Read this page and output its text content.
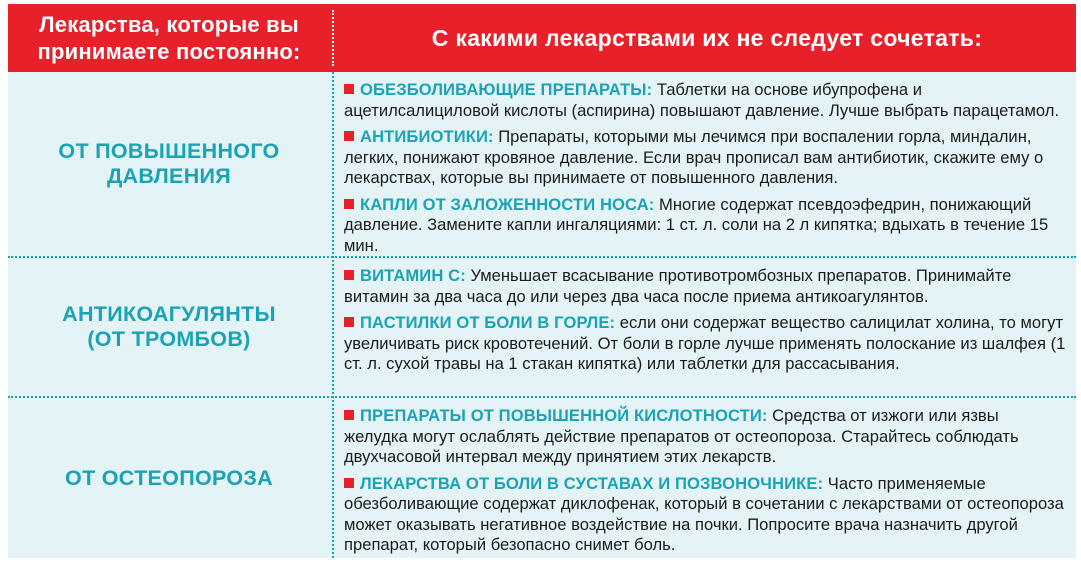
Лекарства, которые вы
принимаете постоянно:
С какими лекарствами их не следует сочетать:
ОТ ПОВЫШЕННОГО
ДАВЛЕНИЯ
ОБЕЗБОЛИВАЮЩИЕ ПРЕПАРАТЫ: Таблетки на основе ибупрофена и ацетилсалициловой кислоты (аспирина) повышают давление. Лучше выбрать парацетамол.
АНТИБИОТИКИ: Препараты, которыми мы лечимся при воспалении горла, миндалин, легких, понижают кровяное давление. Если врач прописал вам антибиотик, скажите ему о лекарствах, которые вы принимаете от повышенного давления.
КАПЛИ ОТ ЗАЛОЖЕННОСТИ НОСА: Многие содержат псевдоэфедрин, понижающий давление. Замените капли ингаляциями: 1 ст. л. соли на 2 л кипятка; вдыхать в течение 15 мин.
АНТИКОАГУЛЯНТЫ
(ОТ ТРОМБОВ)
ВИТАМИН С: Уменьшает всасывание противотромбозных препаратов. Принимайте витамин за два часа до или через два часа после приема антикоагулянтов.
ПАСТИЛКИ ОТ БОЛИ В ГОРЛЕ: если они содержат вещество салицилат холина, то могут увеличивать риск кровотечений. От боли в горле лучше применять полоскание из шалфея (1 ст. л. сухой травы на 1 стакан кипятка) или таблетки для рассасывания.
ОТ ОСТЕОПОРОЗА
ПРЕПАРАТЫ ОТ ПОВЫШЕННОЙ КИСЛОТНОСТИ: Средства от изжоги или язвы желудка могут ослаблять действие препаратов от остеопороза. Старайтесь соблюдать двухчасовой интервал между принятием этих лекарств.
ЛЕКАРСТВА ОТ БОЛИ В СУСТАВАХ И ПОЗВОНОЧНИКЕ: Часто применяемые обезболивающие содержат диклофенак, который в сочетании с лекарствами от остеопороза может оказывать негативное воздействие на почки. Попросите врача назначить другой препарат, который безопасно снимет боль.
